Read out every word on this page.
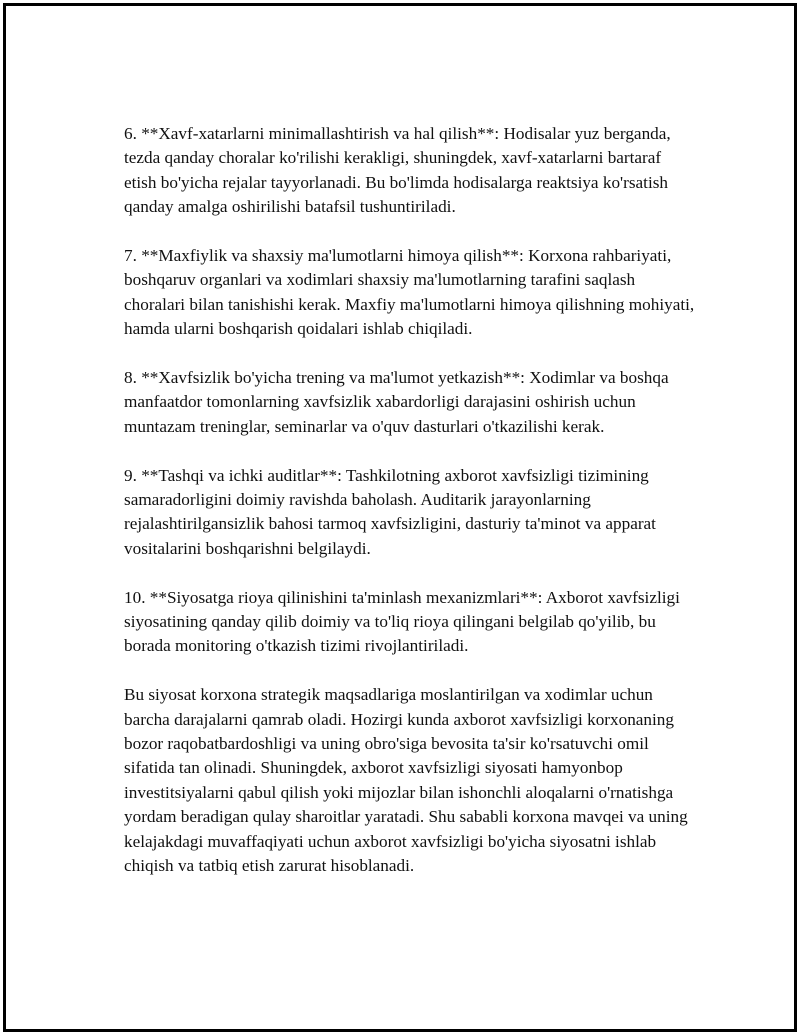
6. **Xavf-xatarlarni minimallashtirish va hal qilish**: Hodisalar yuz berganda, tezda qanday choralar ko'rilishi kerakligi, shuningdek, xavf-xatarlarni bartaraf etish bo'yicha rejalar tayyorlanadi. Bu bo'limda hodisalarga reaktsiya ko'rsatish qanday amalga oshirilishi batafsil tushuntiriladi.

7. **Maxfiylik va shaxsiy ma'lumotlarni himoya qilish**: Korxona rahbariyati, boshqaruv organlari va xodimlari shaxsiy ma'lumotlarning tarafini saqlash choralari bilan tanishishi kerak. Maxfiy ma'lumotlarni himoya qilishning mohiyati, hamda ularni boshqarish qoidalari ishlab chiqiladi.

8. **Xavfsizlik bo'yicha trening va ma'lumot yetkazish**: Xodimlar va boshqa manfaatdor tomonlarning xavfsizlik xabardorligi darajasini oshirish uchun muntazam treninglar, seminarlar va o'quv dasturlari o'tkazilishi kerak.

9. **Tashqi va ichki auditlar**: Tashkilotning axborot xavfsizligi tizimining samaradorligini doimiy ravishda baholash. Auditarik jarayonlarning rejalashtirilgansizlik bahosi tarmoq xavfsizligini, dasturiy ta'minot va apparat vositalarini boshqarishni belgilaydi.

10. **Siyosatga rioya qilinishini ta'minlash mexanizmlari**: Axborot xavfsizligi siyosatining qanday qilib doimiy va to'liq rioya qilingani belgilab qo'yilib, bu borada monitoring o'tkazish tizimi rivojlantiriladi.

Bu siyosat korxona strategik maqsadlariga moslantirilgan va xodimlar uchun barcha darajalarni qamrab oladi. Hozirgi kunda axborot xavfsizligi korxonaning bozor raqobatbardoshligi va uning obro'siga bevosita ta'sir ko'rsatuvchi omil sifatida tan olinadi. Shuningdek, axborot xavfsizligi siyosati hamyonbop investitsiyalarni qabul qilish yoki mijozlar bilan ishonchli aloqalarni o'rnatishga yordam beradigan qulay sharoitlar yaratadi. Shu sababli korxona mavqei va uning kelajakdagi muvaffaqiyati uchun axborot xavfsizligi bo'yicha siyosatni ishlab chiqish va tatbiq etish zarurat hisoblanadi.
